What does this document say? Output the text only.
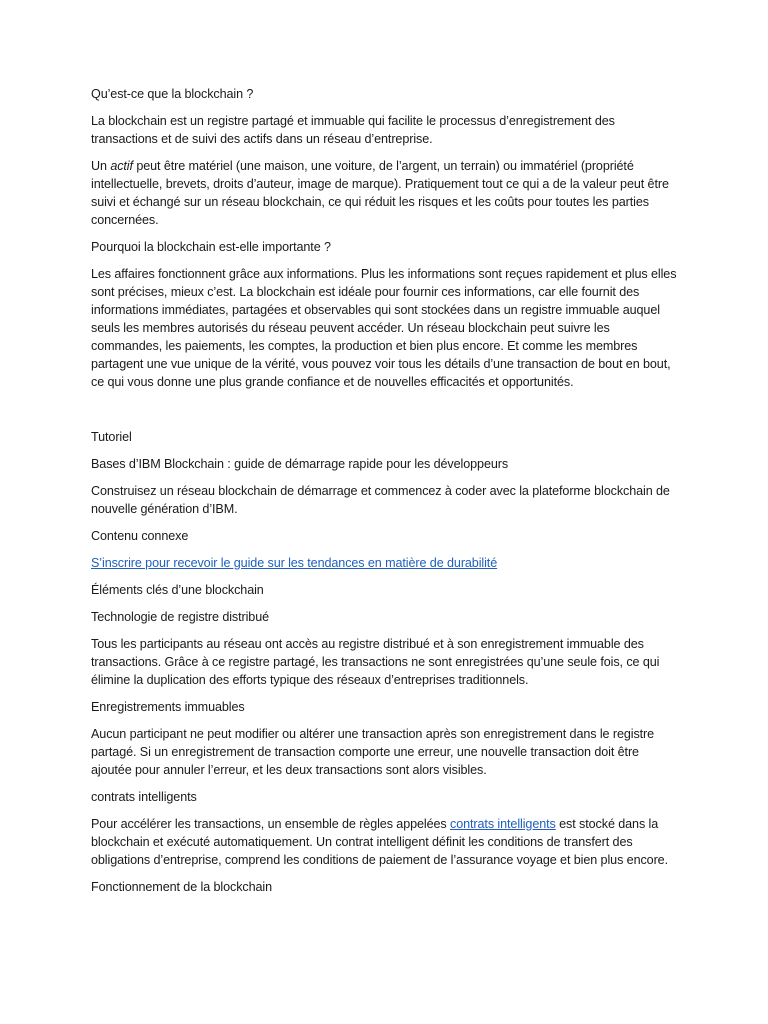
Qu’est-ce que la blockchain ?

La blockchain est un registre partagé et immuable qui facilite le processus d’enregistrement des transactions et de suivi des actifs dans un réseau d’entreprise.

Un actif peut être matériel (une maison, une voiture, de l’argent, un terrain) ou immatériel (propriété intellectuelle, brevets, droits d’auteur, image de marque). Pratiquement tout ce qui a de la valeur peut être suivi et échangé sur un réseau blockchain, ce qui réduit les risques et les coûts pour toutes les parties concernées.

Pourquoi la blockchain est-elle importante ?

Les affaires fonctionnent grâce aux informations. Plus les informations sont reçues rapidement et plus elles sont précises, mieux c’est. La blockchain est idéale pour fournir ces informations, car elle fournit des informations immédiates, partagées et observables qui sont stockées dans un registre immuable auquel seuls les membres autorisés du réseau peuvent accéder. Un réseau blockchain peut suivre les commandes, les paiements, les comptes, la production et bien plus encore. Et comme les membres partagent une vue unique de la vérité, vous pouvez voir tous les détails d’une transaction de bout en bout, ce qui vous donne une plus grande confiance et de nouvelles efficacités et opportunités.

Tutoriel

Bases d’IBM Blockchain : guide de démarrage rapide pour les développeurs

Construisez un réseau blockchain de démarrage et commencez à coder avec la plateforme blockchain de nouvelle génération d’IBM.

Contenu connexe

S’inscrire pour recevoir le guide sur les tendances en matière de durabilité

Éléments clés d’une blockchain

Technologie de registre distribué

Tous les participants au réseau ont accès au registre distribué et à son enregistrement immuable des transactions. Grâce à ce registre partagé, les transactions ne sont enregistrées qu’une seule fois, ce qui élimine la duplication des efforts typique des réseaux d’entreprises traditionnels.

Enregistrements immuables

Aucun participant ne peut modifier ou altérer une transaction après son enregistrement dans le registre partagé. Si un enregistrement de transaction comporte une erreur, une nouvelle transaction doit être ajoutée pour annuler l’erreur, et les deux transactions sont alors visibles.

contrats intelligents

Pour accélérer les transactions, un ensemble de règles appelées contrats intelligents est stocké dans la blockchain et exécuté automatiquement. Un contrat intelligent définit les conditions de transfert des obligations d’entreprise, comprend les conditions de paiement de l’assurance voyage et bien plus encore.

Fonctionnement de la blockchain
